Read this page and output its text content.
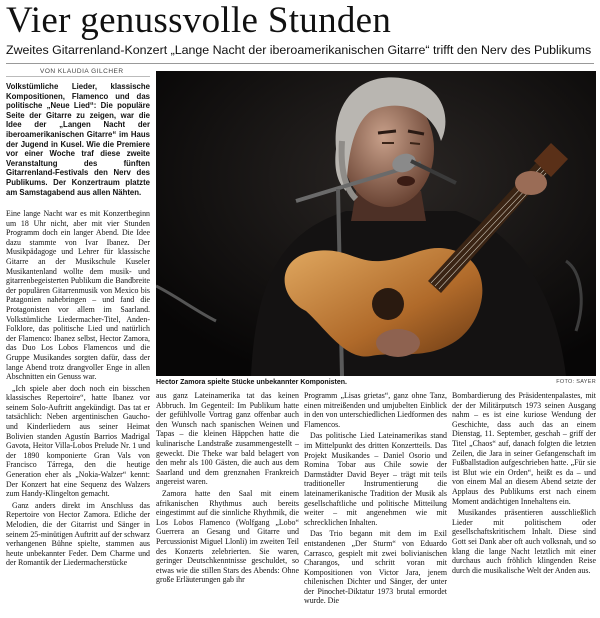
Vier genussvolle Stunden
Zweites Gitarrenland-Konzert „Lange Nacht der iberoamerikanischen Gitarre“ trifft den Nerv des Publikums
VON KLAUDIA GILCHER
Volkstümliche Lieder, klassische Kompositionen, Flamenco und das politische „Neue Lied“: Die populäre Seite der Gitarre zu zeigen, war die Idee der „Langen Nacht der iberoamerikanischen Gitarre“ im Haus der Jugend in Kusel. Wie die Premiere vor einer Woche traf diese zweite Veranstaltung des fünften Gitarrenland-Festivals den Nerv des Publikums. Der Konzertraum platzte am Samstagabend aus allen Nähten.

Eine lange Nacht war es mit Konzertbeginn um 18 Uhr nicht, aber mit vier Stunden Programm doch ein langer Abend. Die Idee dazu stammte von Ivar Ibanez. Der Musikpädagoge und Lehrer für klassische Gitarre an der Musikschule Kuseler Musikantenland wollte dem musik- und gitarrenbegeisterten Publikum die Bandbreite der populären Gitarrenmusik von Mexico bis Patagonien nahebringen – und fand die Protagonisten vor allem im Saarland. Volkstümliche Liedermacher-Titel, Anden-Folklore, das politische Lied und natürlich der Flamenco: Ibanez selbst, Hector Zamora, das Duo Los Lobos Flamencos und die Gruppe Musikandes sorgten dafür, dass der lange Abend trotz drangvoller Enge in allen Abschnitten ein Genuss war.

„Ich spiele aber doch noch ein bisschen klassisches Repertoire“, hatte Ibanez vor seinem Solo-Auftritt angekündigt. Das tat er tatsächlich: Neben argentinischen Gaucho- und Kinderliedern aus seiner Heimat Bolivien standen Agustín Barrios Madrigal Gavota, Heitor Villa-Lobos Prelude Nr. 1 und der 1890 komponierte Gran Vals von Francisco Tárrega, den die heutige Generation eher als „Nokia-Walzer“ kennt: Der Konzert hat eine Sequenz des Walzers zum Handy-Klingelton gemacht.

Ganz anders direkt im Anschluss das Repertoire von Hector Zamora. Etliche der Melodien, die der Gitarrist und Sänger in seinem 25-minütigen Auftritt auf der schwarz verhangenen Bühne spielte, stammen aus heute unbekannter Feder. Dem Charme und der Romantik der Liedermacherstücke

Hector Zamora spielte Stücke unbekannter Komponisten.	FOTO: SAYER

aus ganz Lateinamerika tat das keinen Abbruch. Im Gegenteil: Im Publikum hatte der gefühlvolle Vortrag ganz offenbar auch den Wunsch nach spanischen Weinen und Tapas – die kleinen Häppchen hatte die kulinarische Landstraße zusammengestellt – geweckt. Die Theke war bald belagert von den mehr als 100 Gästen, die auch aus dem Saarland und dem grenznahen Frankreich angereist waren.

Zamora hatte den Saal mit einem afrikanischen Rhythmus auch bereits eingestimmt auf die sinnliche Rhythmik, die Los Lobos Flamenco (Wolfgang „Lobo“ Guerrera an Gesang und Gitarre und Percussionist Miguel Llonli) im zweiten Teil des Konzerts zelebrierten. Sie waren, geringer Deutschkenntnisse geschuldet, so etwas wie die stillen Stars des Abends: Ohne große Erläuterungen gab ihr

Programm „Lisas grietas“, ganz ohne Tanz, einen mitreißenden und umjubelten Einblick in den von unterschiedlichen Liedformen des Flamencos.

Das politische Lied Lateinamerikas stand im Mittelpunkt des dritten Konzertteils. Das Projekt Musikandes – Daniel Osorio und Romina Tobar aus Chile sowie der Darmstädter David Beyer – trägt mit teils traditioneller Instrumentierung die lateinamerikanische Tradition der Musik als gesellschaftliche und politische Mitteilung weiter – mit angenehmen wie mit schrecklichen Inhalten.

Das Trio begann mit dem im Exil entstandenen „Der Sturm“ von Eduardo Carrasco, gespielt mit zwei bolivianischen Charangos, und schritt voran mit Kompositionen von Victor Jara, jenem chilenischen Dichter und Sänger, der unter der Pinochet-Diktatur 1973 brutal ermordet wurde. Die

Bombardierung des Präsidentenpalastes, mit der der Militärputsch 1973 seinen Ausgang nahm – es ist eine kuriose Wendung der Geschichte, dass auch das an einem Dienstag, 11. September, geschah – griff der Titel „Chaos“ auf, danach folgten die letzten Zeilen, die Jara in seiner Gefangenschaft im Fußballstadion aufgeschrieben hatte. „Für sie ist Blut wie ein Orden“, heißt es da – und von einem Mal an diesem Abend setzte der Applaus des Publikums erst nach einem Moment andächtigen Innehaltens ein.

Musikandes präsentieren ausschließlich Lieder mit politischem oder gesellschaftskritischem Inhalt. Diese sind Gott sei Dank aber oft auch volksnah, und so klang die lange Nacht letztlich mit einer durchaus auch fröhlich klingenden Reise durch die musikalische Welt der Anden aus.
